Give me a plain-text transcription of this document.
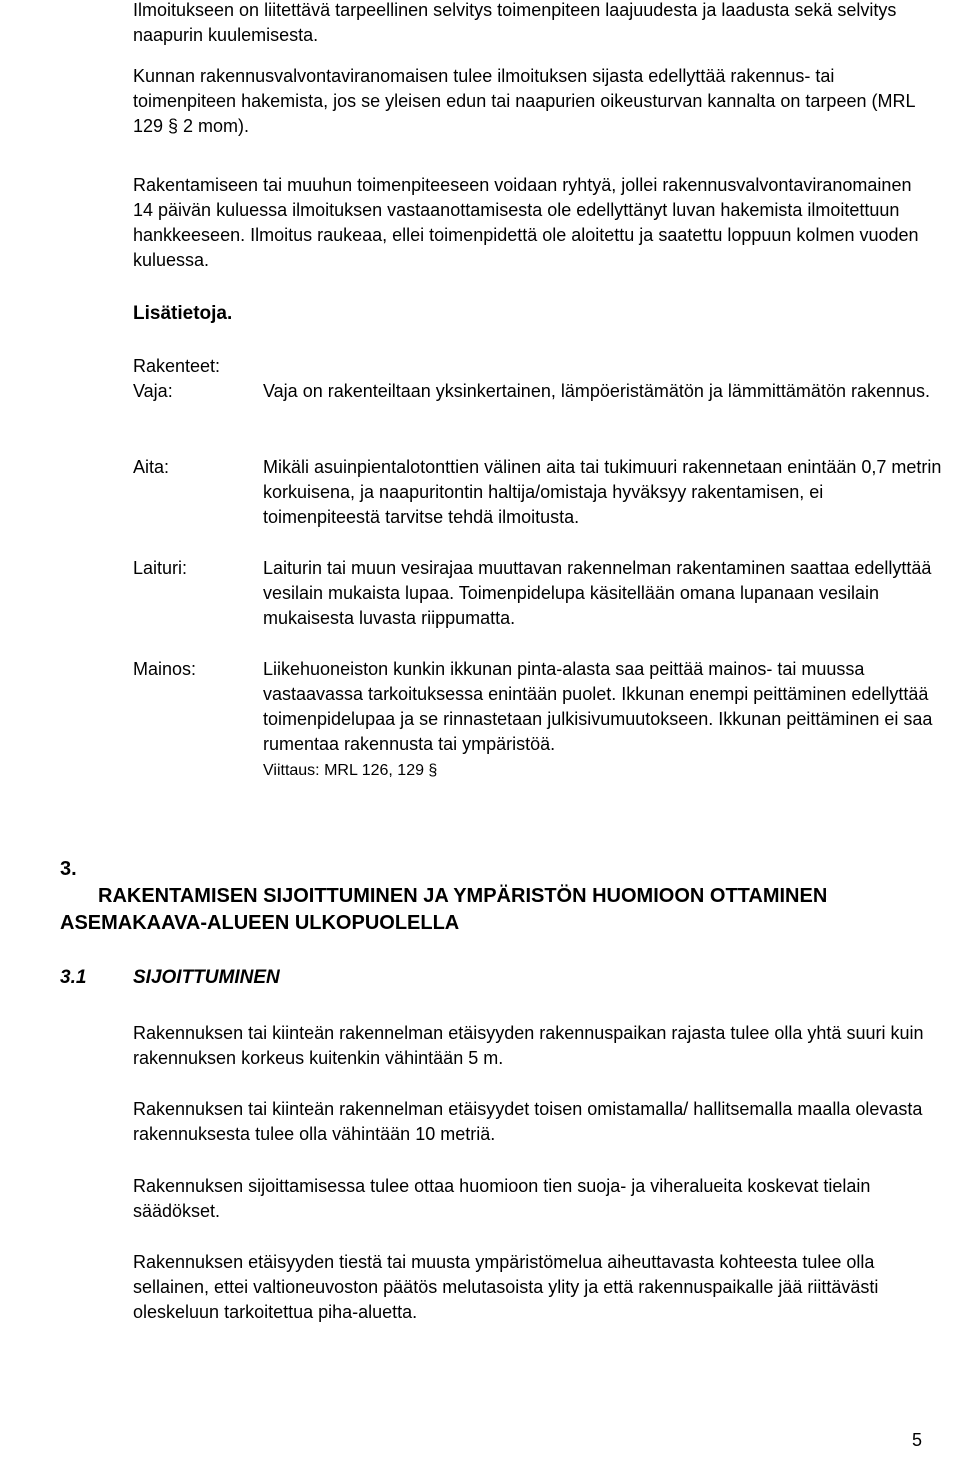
Ilmoitukseen on liitettävä tarpeellinen selvitys toimenpiteen laajuudesta ja laadusta sekä selvitys naapurin kuulemisesta.

Kunnan rakennusvalvontaviranomaisen tulee ilmoituksen sijasta edellyttää rakennus- tai toimenpiteen hakemista, jos se yleisen edun tai naapurien oikeusturvan kannalta on tarpeen (MRL 129 § 2 mom).

Rakentamiseen tai muuhun toimenpiteeseen voidaan ryhtyä, jollei rakennusvalvontaviranomainen 14 päivän kuluessa ilmoituksen vastaanottamisesta ole edellyttänyt luvan hakemista ilmoitettuun hankkeeseen. Ilmoitus raukeaa, ellei toimenpidettä ole aloitettu ja saatettu loppuun kolmen vuoden kuluessa.

Lisätietoja.
Rakenteet:
Vaja:	Vaja on rakenteiltaan yksinkertainen, lämpöeristämätön ja lämmittämätön rakennus.
Aita:	Mikäli asuinpientalotonttien välinen aita tai tukimuuri rakennetaan enintään 0,7 metrin korkuisena, ja naapuritontin haltija/omistaja hyväksyy rakentamisen, ei toimenpiteestä tarvitse tehdä ilmoitusta.
Laituri:	Laiturin tai muun vesirajaa muuttavan rakennelman rakentaminen saattaa edellyttää vesilain mukaista lupaa. Toimenpidelupa käsitellään omana lupanaan vesilain mukaisesta luvasta riippumatta.
Mainos:	Liikehuoneiston kunkin ikkunan pinta-alasta saa peittää mainos- tai muussa vastaavassa tarkoituksessa enintään puolet. Ikkunan enempi peittäminen edellyttää toimenpidelupaa ja se rinnastetaan julkisivumuutokseen. Ikkunan peittäminen ei saa rumentaa rakennusta tai ympäristöä.
Viittaus: MRL 126, 129 §
3.
RAKENTAMISEN SIJOITTUMINEN JA YMPÄRISTÖN HUOMIOON OTTAMINEN ASEMAKAAVA-ALUEEN ULKOPUOLELLA
3.1 SIJOITTUMINEN

Rakennuksen tai kiinteän rakennelman etäisyyden rakennuspaikan rajasta tulee olla yhtä suuri kuin rakennuksen korkeus kuitenkin vähintään 5 m.

Rakennuksen tai kiinteän rakennelman etäisyydet toisen omistamalla/ hallitsemalla maalla olevasta rakennuksesta tulee olla vähintään 10 metriä.

Rakennuksen sijoittamisessa tulee ottaa huomioon tien suoja- ja viheralueita koskevat tielain säädökset.

Rakennuksen etäisyyden tiestä tai muusta ympäristömelua aiheuttavasta kohteesta tulee olla sellainen, ettei valtioneuvoston päätös melutasoista ylity ja että rakennuspaikalle jää riittävästi oleskeluun tarkoitettua piha-aluetta.

5
